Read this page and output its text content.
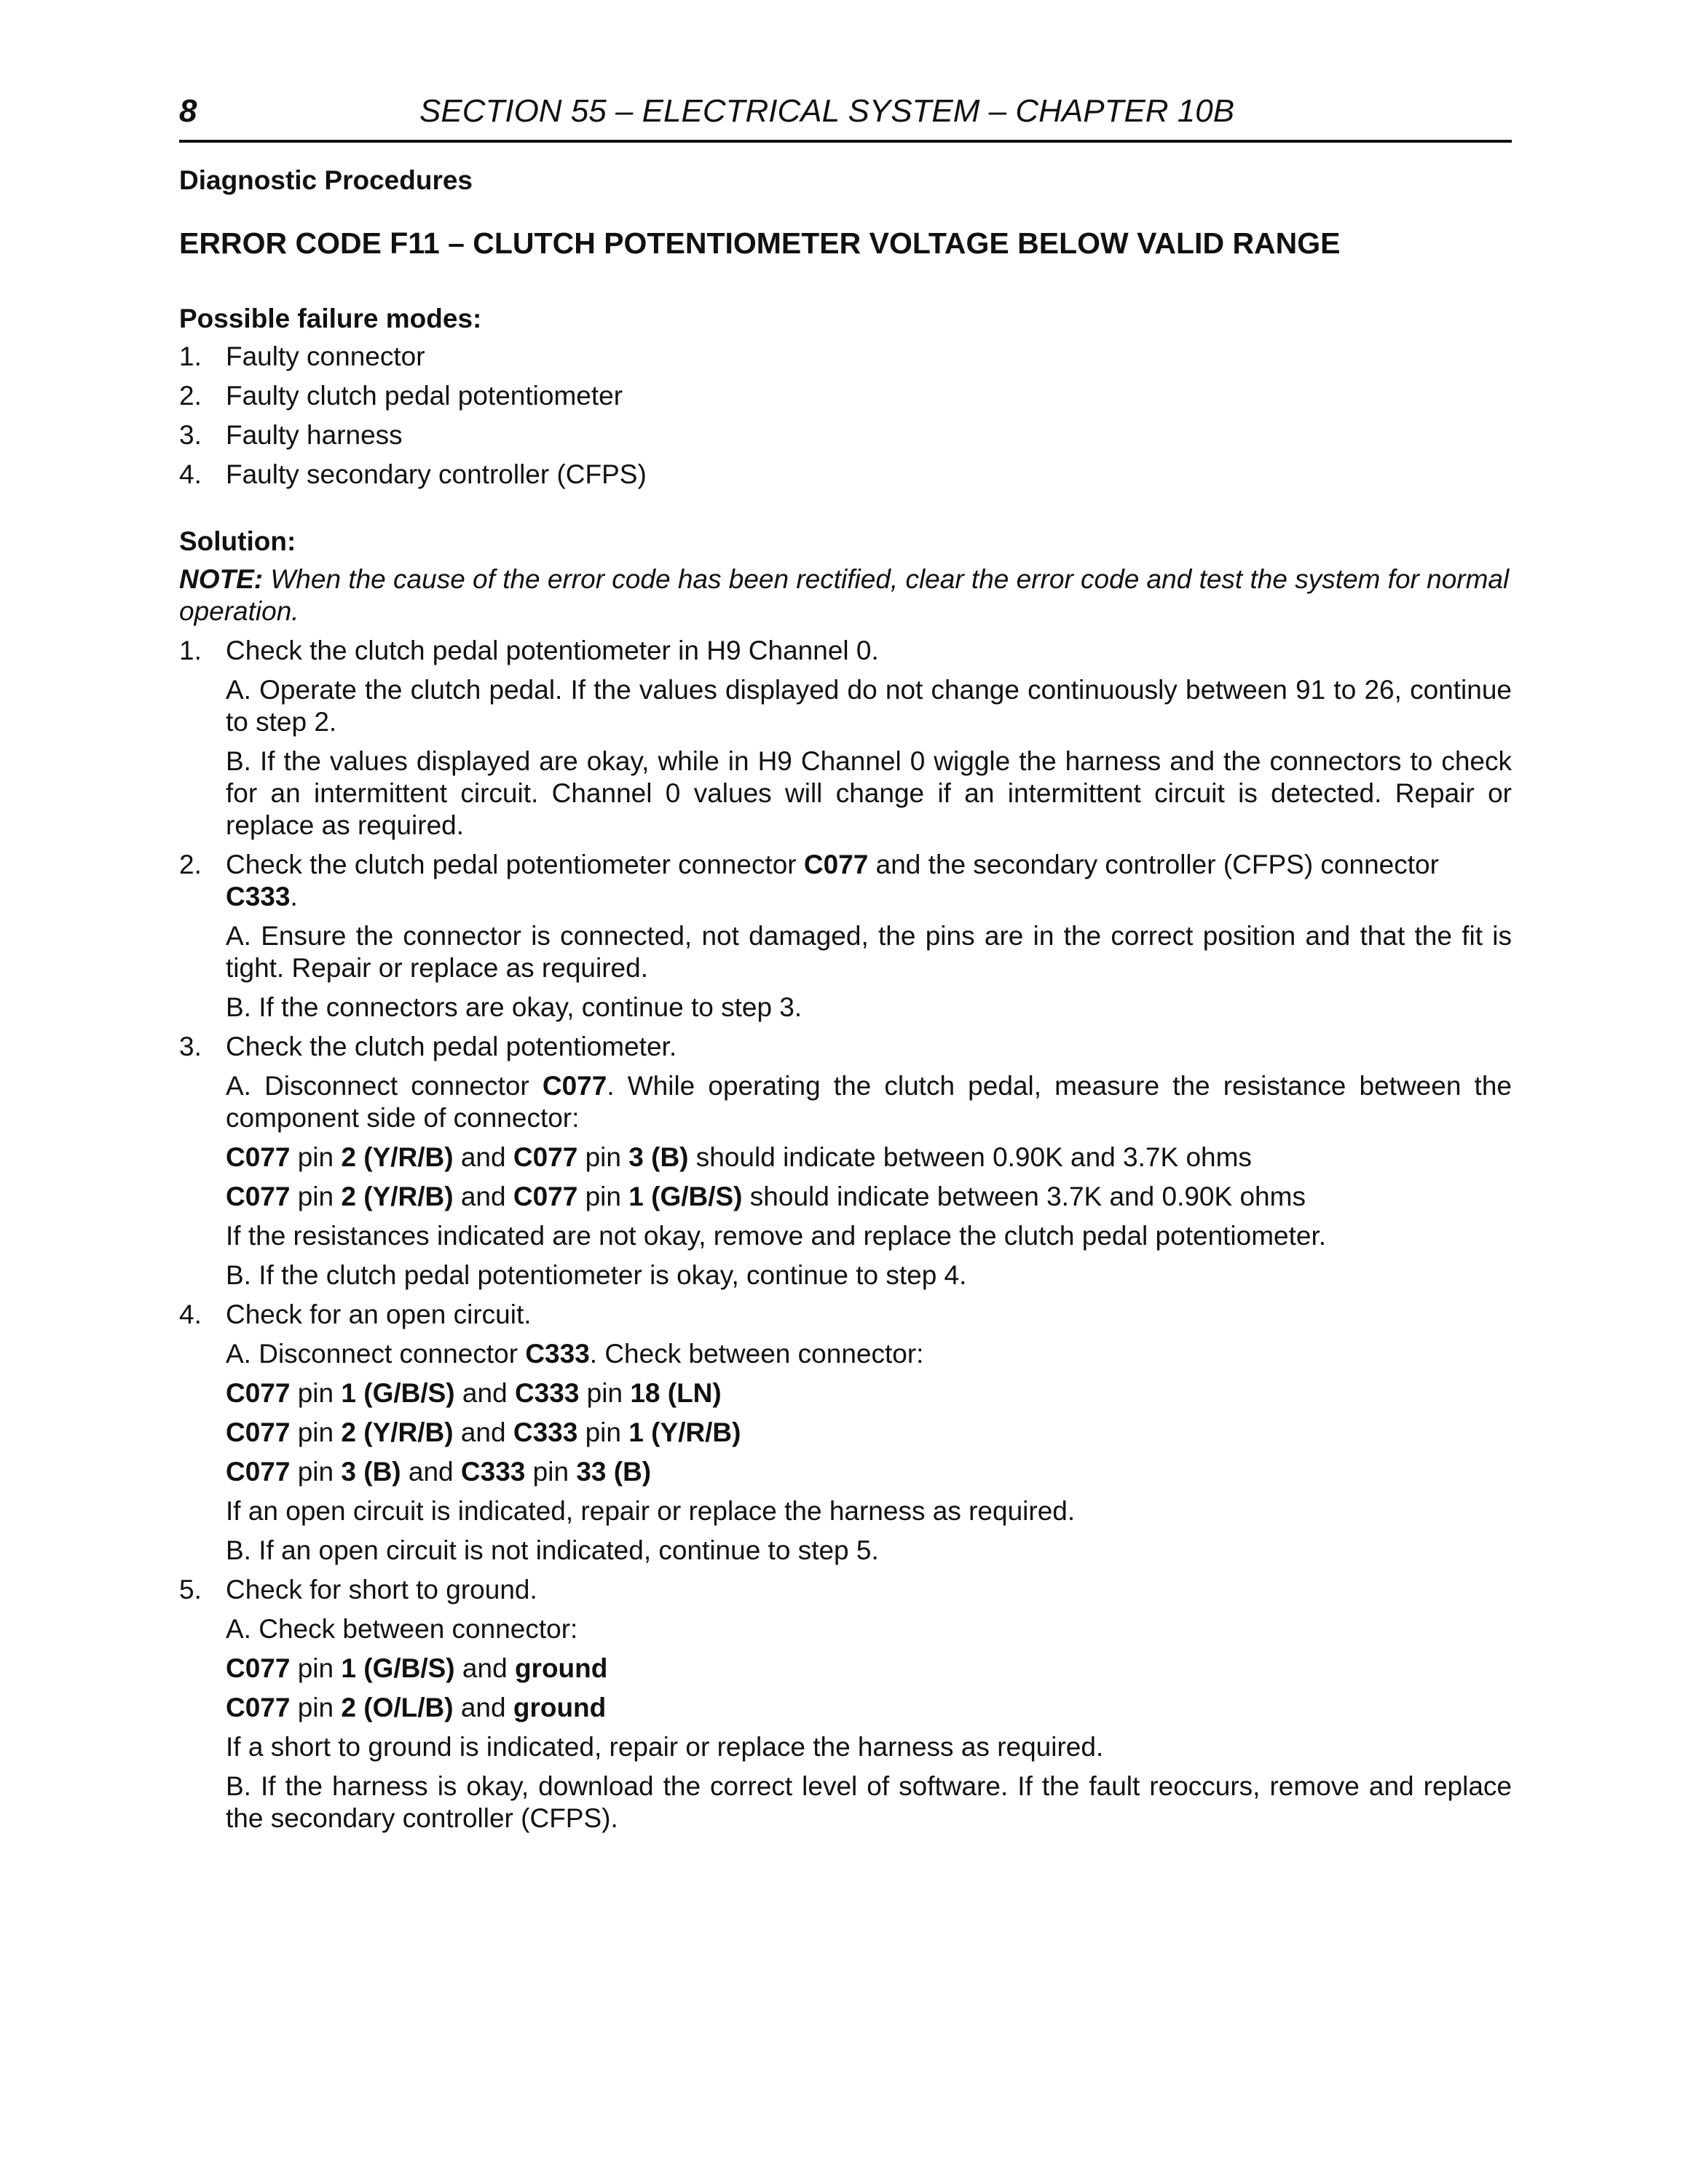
8	SECTION 55 – ELECTRICAL SYSTEM – CHAPTER 10B
Diagnostic Procedures
ERROR CODE F11 – CLUTCH POTENTIOMETER VOLTAGE BELOW VALID RANGE
Possible failure modes:
1. Faulty connector
2. Faulty clutch pedal potentiometer
3. Faulty harness
4. Faulty secondary controller (CFPS)
Solution:
NOTE: When the cause of the error code has been rectified, clear the error code and test the system for normal operation.
1. Check the clutch pedal potentiometer in H9 Channel 0.
A. Operate the clutch pedal. If the values displayed do not change continuously between 91 to 26, continue to step 2.
B. If the values displayed are okay, while in H9 Channel 0 wiggle the harness and the connectors to check for an intermittent circuit. Channel 0 values will change if an intermittent circuit is detected. Repair or replace as required.
2. Check the clutch pedal potentiometer connector C077 and the secondary controller (CFPS) connector C333.
A. Ensure the connector is connected, not damaged, the pins are in the correct position and that the fit is tight. Repair or replace as required.
B. If the connectors are okay, continue to step 3.
3. Check the clutch pedal potentiometer.
A. Disconnect connector C077. While operating the clutch pedal, measure the resistance between the component side of connector:
C077 pin 2 (Y/R/B) and C077 pin 3 (B) should indicate between 0.90K and 3.7K ohms
C077 pin 2 (Y/R/B) and C077 pin 1 (G/B/S) should indicate between 3.7K and 0.90K ohms
If the resistances indicated are not okay, remove and replace the clutch pedal potentiometer.
B. If the clutch pedal potentiometer is okay, continue to step 4.
4. Check for an open circuit.
A. Disconnect connector C333. Check between connector:
C077 pin 1 (G/B/S) and C333 pin 18 (LN)
C077 pin 2 (Y/R/B) and C333 pin 1 (Y/R/B)
C077 pin 3 (B) and C333 pin 33 (B)
If an open circuit is indicated, repair or replace the harness as required.
B. If an open circuit is not indicated, continue to step 5.
5. Check for short to ground.
A. Check between connector:
C077 pin 1 (G/B/S) and ground
C077 pin 2 (O/L/B) and ground
If a short to ground is indicated, repair or replace the harness as required.
B. If the harness is okay, download the correct level of software. If the fault reoccurs, remove and replace the secondary controller (CFPS).
